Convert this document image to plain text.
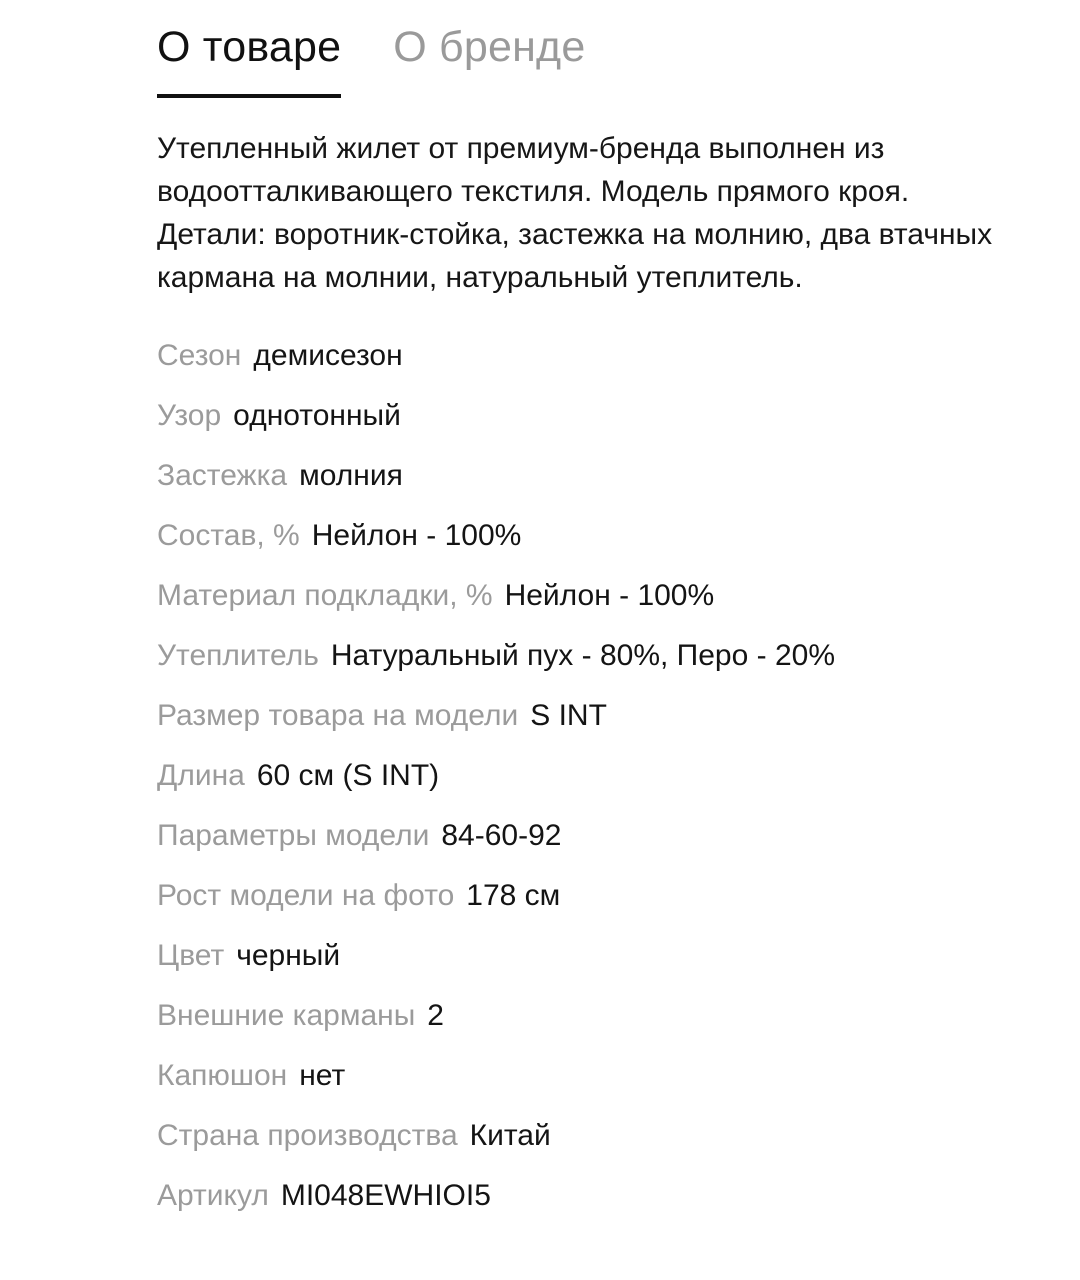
О товаре О бренде
Утепленный жилет от премиум-бренда выполнен из водоотталкивающего текстиля. Модель прямого кроя. Детали: воротник-стойка, застежка на молнию, два втачных кармана на молнии, натуральный утеплитель.
Сезон демисезон
Узор однотонный
Застежка молния
Состав, % Нейлон - 100%
Материал подкладки, % Нейлон - 100%
Утеплитель Натуральный пух - 80%, Перо - 20%
Размер товара на модели S INT
Длина 60 см (S INT)
Параметры модели 84-60-92
Рост модели на фото 178 см
Цвет черный
Внешние карманы 2
Капюшон нет
Страна производства Китай
Артикул MI048EWHIOI5
